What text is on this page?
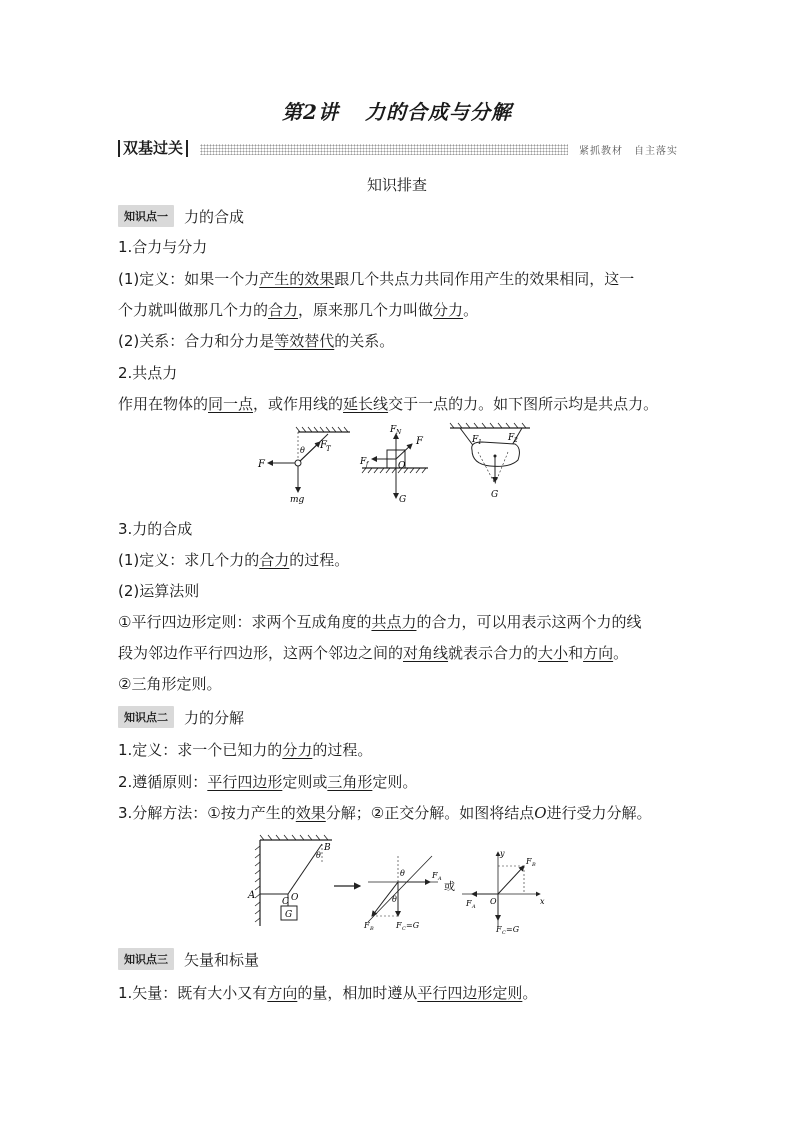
第2讲 力的合成与分解
双基过关	紧抓教材　自主落实
知识排查
知识点一 力的合成
1.合力与分力
(1)定义：如果一个力产生的效果跟几个共点力共同作用产生的效果相同，这一
个力就叫做那几个力的合力，原来那几个力叫做分力。
(2)关系：合力和分力是等效替代的关系。
2.共点力
作用在物体的同一点，或作用线的延长线交于一点的力。如下图所示均是共点力。
F
F T
θ
mg
F N
F
F f	O
G
F 1	F 2
G
3.力的合成
(1)定义：求几个力的合力的过程。
(2)运算法则
①平行四边形定则：求两个互成角度的共点力的合力，可以用表示这两个力的线
段为邻边作平行四边形，这两个邻边之间的对角线就表示合力的大小和方向。
②三角形定则。
知识点二 力的分解
1.定义：求一个已知力的分力的过程。
2.遵循原则：平行四边形定则或三角形定则。
3.分解方法：①按力产生的效果分解；②正交分解。如图将结点O进行受力分解。
A
B
C O
G
θ
θ
θ
F A
F B	F C =G
或
y
x
O
F B
F A
F C =G
知识点三 矢量和标量
1.矢量：既有大小又有方向的量，相加时遵从平行四边形定则。
